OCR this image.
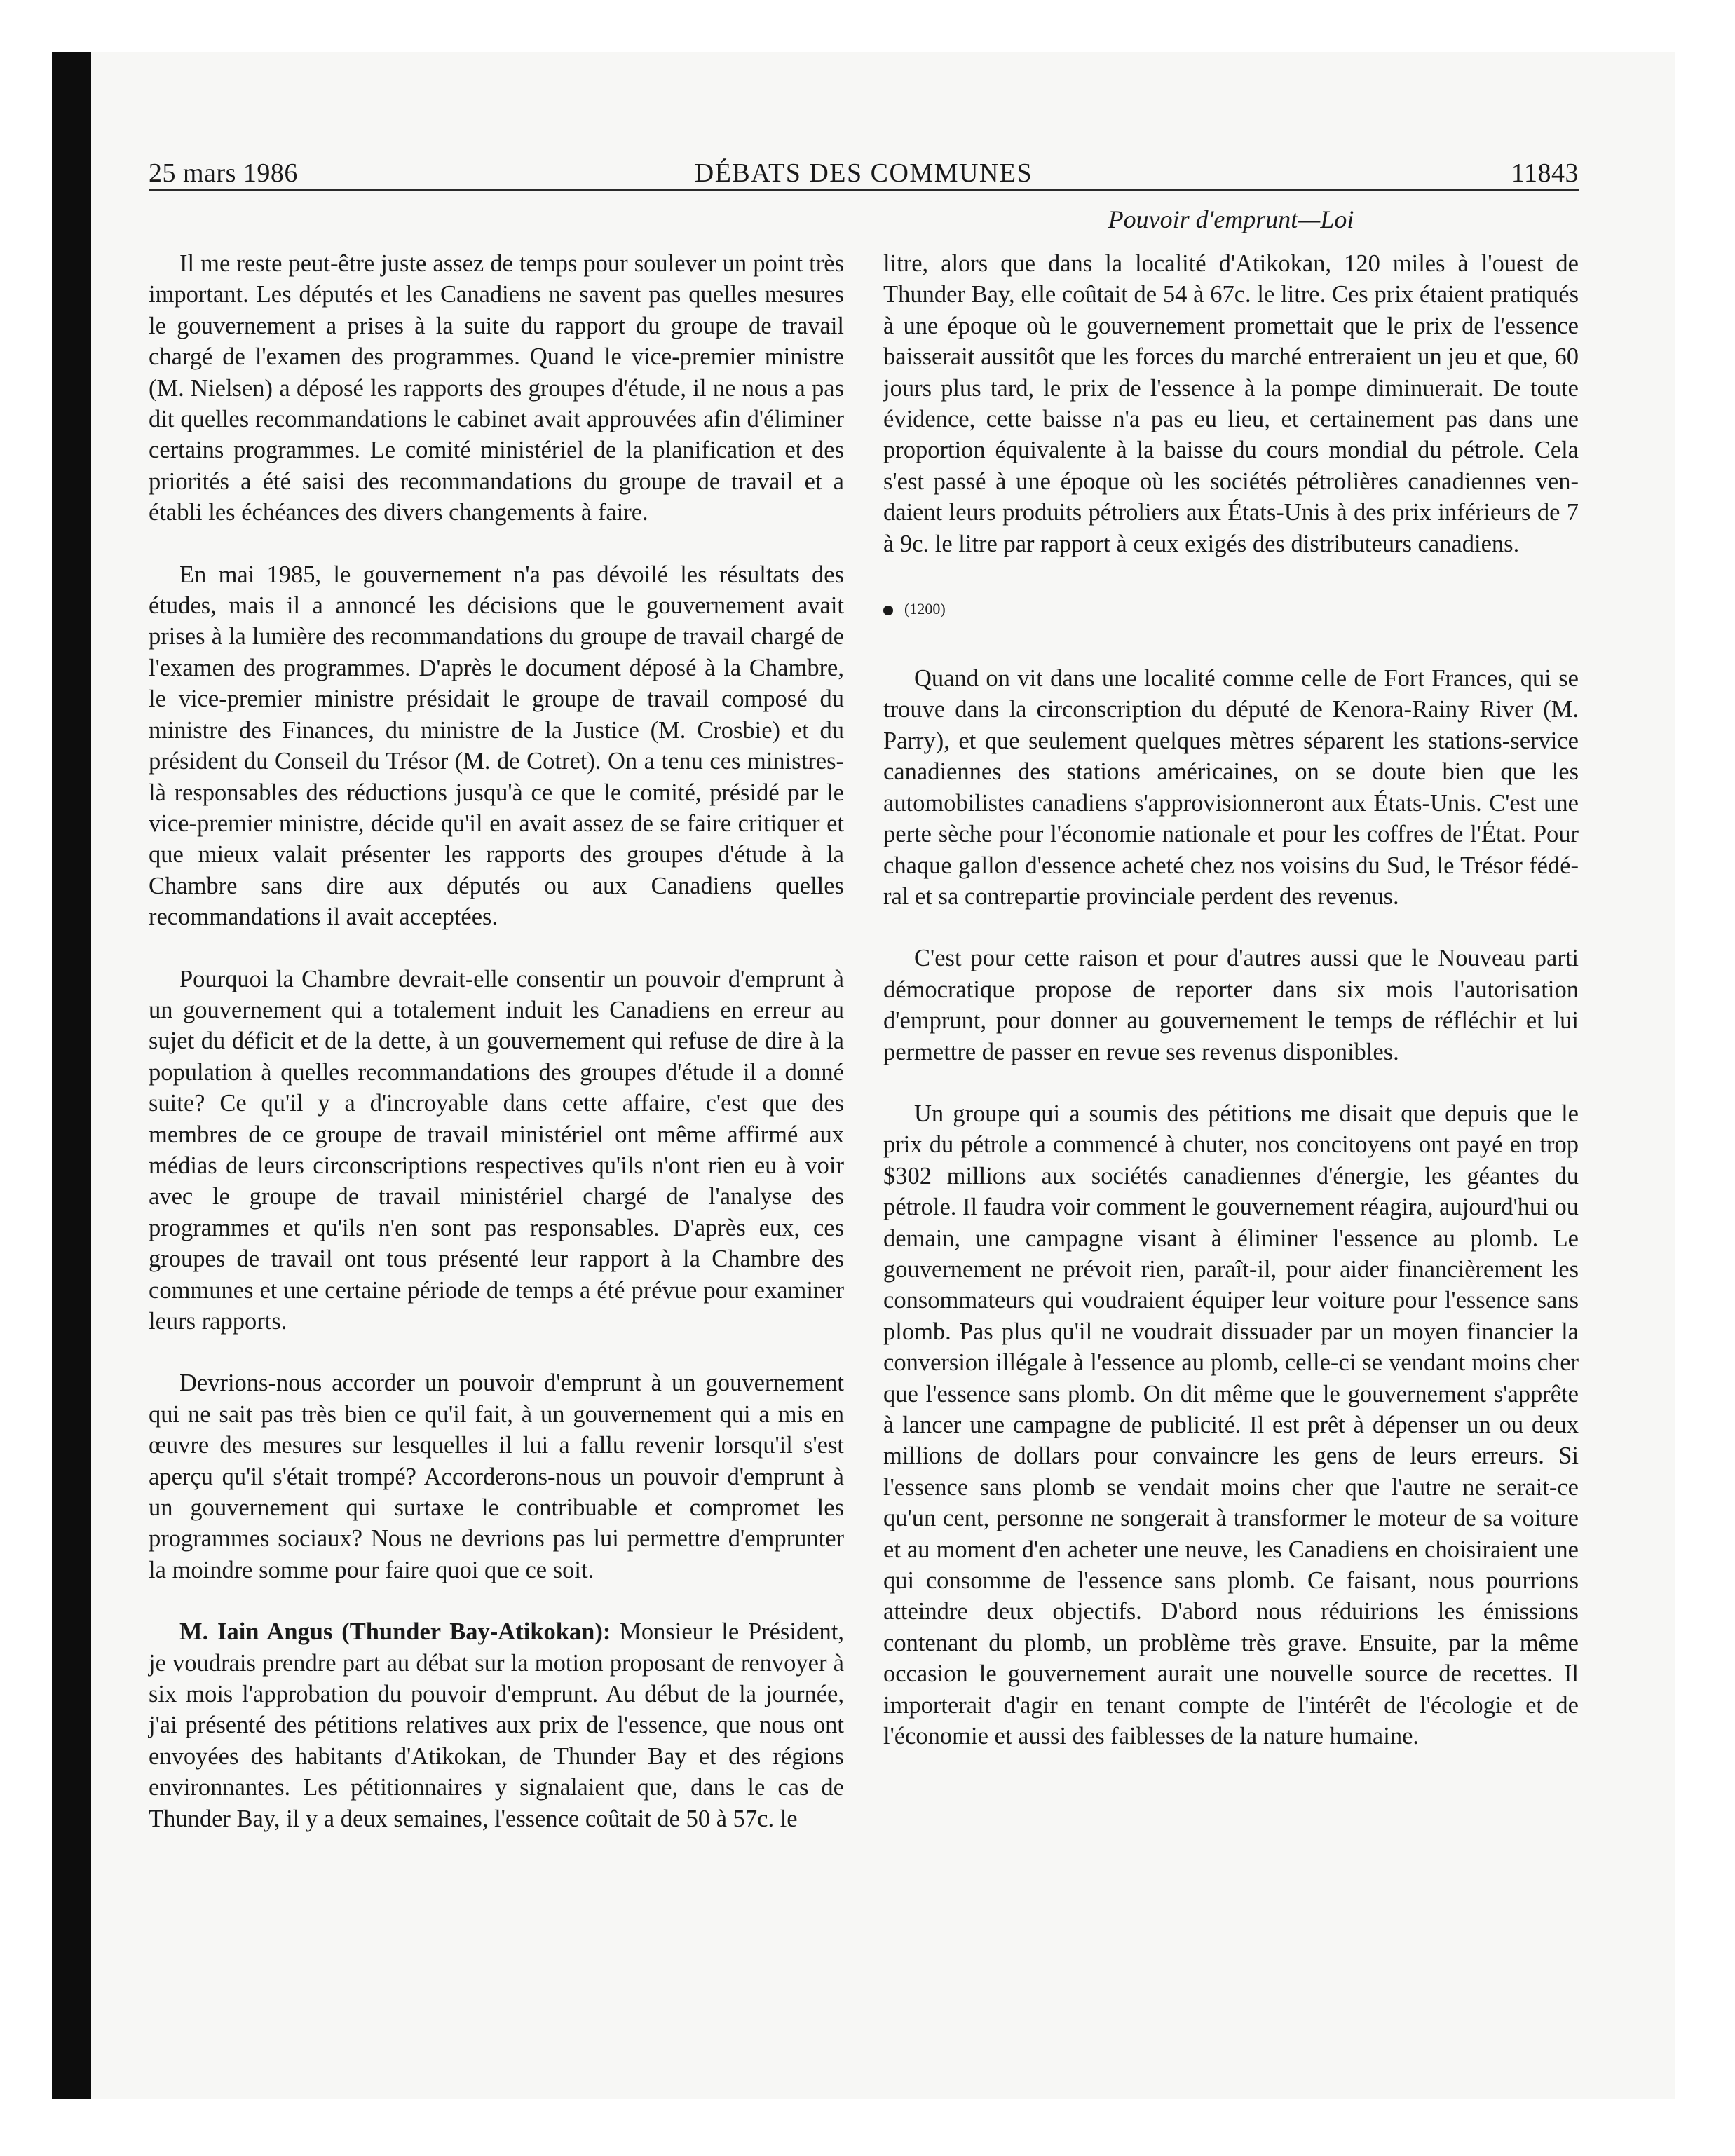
25 mars 1986	DÉBATS DES COMMUNES	11843
Pouvoir d'emprunt—Loi

Il me reste peut-être juste assez de temps pour soulever un point très important. Les députés et les Canadiens ne savent pas quelles mesures le gouvernement a prises à la suite du rapport du groupe de travail chargé de l'examen des programmes. Quand le vice-premier ministre (M. Nielsen) a déposé les rapports des groupes d'étude, il ne nous a pas dit quelles recommandations le cabinet avait approuvées afin d'éliminer certains programmes. Le comité ministériel de la planification et des priorités a été saisi des recommandations du groupe de travail et a établi les échéances des divers changements à faire.

En mai 1985, le gouvernement n'a pas dévoilé les résultats des études, mais il a annoncé les décisions que le gouvernement avait prises à la lumière des recommandations du groupe de travail chargé de l'examen des programmes. D'après le document déposé à la Chambre, le vice-premier ministre présidait le groupe de travail composé du ministre des Finances, du ministre de la Justice (M. Crosbie) et du président du Conseil du Trésor (M. de Cotret). On a tenu ces ministres-là responsables des réductions jusqu'à ce que le comité, présidé par le vice-premier ministre, décide qu'il en avait assez de se faire critiquer et que mieux valait présenter les rapports des groupes d'étude à la Chambre sans dire aux députés ou aux Canadiens quelles recommandations il avait acceptées.

Pourquoi la Chambre devrait-elle consentir un pouvoir d'emprunt à un gouvernement qui a totalement induit les Canadiens en erreur au sujet du déficit et de la dette, à un gouvernement qui refuse de dire à la population à quelles recommandations des groupes d'étude il a donné suite? Ce qu'il y a d'incroyable dans cette affaire, c'est que des membres de ce groupe de travail ministériel ont même affirmé aux médias de leurs circonscriptions respectives qu'ils n'ont rien eu à voir avec le groupe de travail ministériel chargé de l'analyse des programmes et qu'ils n'en sont pas responsables. D'après eux, ces groupes de travail ont tous présenté leur rapport à la Chambre des communes et une certaine période de temps a été prévue pour examiner leurs rapports.

Devrions-nous accorder un pouvoir d'emprunt à un gouvernement qui ne sait pas très bien ce qu'il fait, à un gouvernement qui a mis en œuvre des mesures sur lesquelles il lui a fallu revenir lorsqu'il s'est aperçu qu'il s'était trompé? Accorderons-nous un pouvoir d'emprunt à un gouvernement qui surtaxe le contribuable et compromet les programmes sociaux? Nous ne devrions pas lui permettre d'emprunter la moindre somme pour faire quoi que ce soit.

M. Iain Angus (Thunder Bay-Atikokan): Monsieur le Président, je voudrais prendre part au débat sur la motion proposant de renvoyer à six mois l'approbation du pouvoir d'emprunt. Au début de la journée, j'ai présenté des pétitions relatives aux prix de l'essence, que nous ont envoyées des habitants d'Atikokan, de Thunder Bay et des régions environnantes. Les pétitionnaires y signalaient que, dans le cas de Thunder Bay, il y a deux semaines, l'essence coûtait de 50 à 57c. le

litre, alors que dans la localité d'Atikokan, 120 miles à l'ouest de Thunder Bay, elle coûtait de 54 à 67c. le litre. Ces prix étaient pratiqués à une époque où le gouvernement promettait que le prix de l'essence baisserait aussitôt que les forces du marché entreraient un jeu et que, 60 jours plus tard, le prix de l'essence à la pompe diminuerait. De toute évidence, cette baisse n'a pas eu lieu, et certainement pas dans une proportion équivalente à la baisse du cours mondial du pétrole. Cela s'est passé à une époque où les sociétés pétrolières canadiennes vendaient leurs produits pétroliers aux États-Unis à des prix inférieurs de 7 à 9c. le litre par rapport à ceux exigés des distributeurs canadiens.

(1200)

Quand on vit dans une localité comme celle de Fort Frances, qui se trouve dans la circonscription du député de Kenora-Rainy River (M. Parry), et que seulement quelques mètres séparent les stations-service canadiennes des stations américaines, on se doute bien que les automobilistes canadiens s'approvisionneront aux États-Unis. C'est une perte sèche pour l'économie nationale et pour les coffres de l'État. Pour chaque gallon d'essence acheté chez nos voisins du Sud, le Trésor fédéral et sa contrepartie provinciale perdent des revenus.

C'est pour cette raison et pour d'autres aussi que le Nouveau parti démocratique propose de reporter dans six mois l'autorisation d'emprunt, pour donner au gouvernement le temps de réfléchir et lui permettre de passer en revue ses revenus disponibles.

Un groupe qui a soumis des pétitions me disait que depuis que le prix du pétrole a commencé à chuter, nos concitoyens ont payé en trop $302 millions aux sociétés canadiennes d'énergie, les géantes du pétrole. Il faudra voir comment le gouvernement réagira, aujourd'hui ou demain, une campagne visant à éliminer l'essence au plomb. Le gouvernement ne prévoit rien, paraît-il, pour aider financièrement les consommateurs qui voudraient équiper leur voiture pour l'essence sans plomb. Pas plus qu'il ne voudrait dissuader par un moyen financier la conversion illégale à l'essence au plomb, celle-ci se vendant moins cher que l'essence sans plomb. On dit même que le gouvernement s'apprête à lancer une campagne de publicité. Il est prêt à dépenser un ou deux millions de dollars pour convaincre les gens de leurs erreurs. Si l'essence sans plomb se vendait moins cher que l'autre ne serait-ce qu'un cent, personne ne songerait à transformer le moteur de sa voiture et au moment d'en acheter une neuve, les Canadiens en choisiraient une qui consomme de l'essence sans plomb. Ce faisant, nous pourrions atteindre deux objectifs. D'abord nous réduirions les émissions contenant du plomb, un problème très grave. Ensuite, par la même occasion le gouvernement aurait une nouvelle source de recettes. Il importerait d'agir en tenant compte de l'intérêt de l'écologie et de l'économie et aussi des faiblesses de la nature humaine.
